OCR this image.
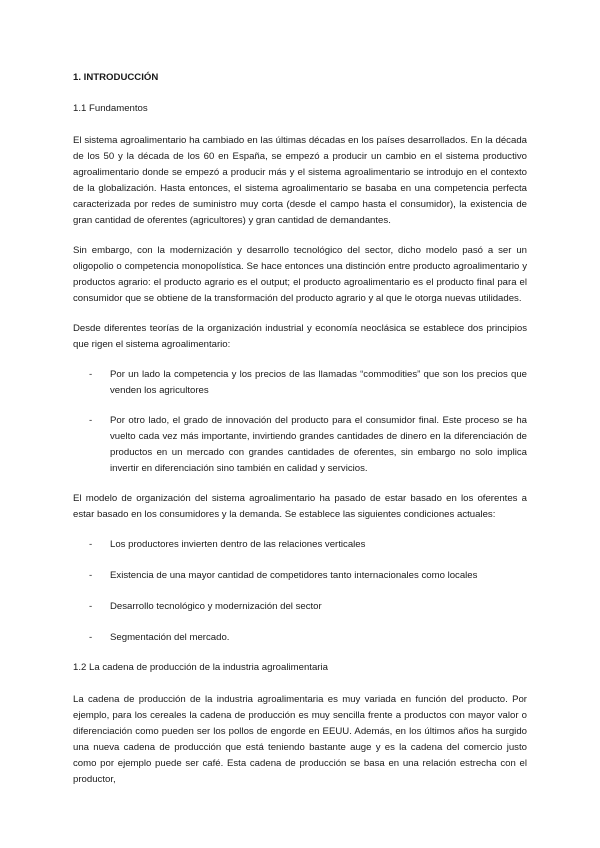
1. INTRODUCCIÓN
1.1 Fundamentos

El sistema agroalimentario ha cambiado en las últimas décadas en los países desarrollados. En la década de los 50 y la década de los 60 en España, se empezó a producir un cambio en el sistema productivo agroalimentario donde se empezó a producir más y el sistema agroalimentario se introdujo en el contexto de la globalización. Hasta entonces, el sistema agroalimentario se basaba en una competencia perfecta caracterizada por redes de suministro muy corta (desde el campo hasta el consumidor), la existencia de gran cantidad de oferentes (agricultores) y gran cantidad de demandantes.

Sin embargo, con la modernización y desarrollo tecnológico del sector, dicho modelo pasó a ser un oligopolio o competencia monopolística. Se hace entonces una distinción entre producto agroalimentario y productos agrario: el producto agrario es el output; el producto agroalimentario es el producto final para el consumidor que se obtiene de la transformación del producto agrario y al que le otorga nuevas utilidades.

Desde diferentes teorías de la organización industrial y economía neoclásica se establece dos principios que rigen el sistema agroalimentario:

- Por un lado la competencia y los precios de las llamadas “commodities” que son los precios que venden los agricultores
- Por otro lado, el grado de innovación del producto para el consumidor final. Este proceso se ha vuelto cada vez más importante, invirtiendo grandes cantidades de dinero en la diferenciación de productos en un mercado con grandes cantidades de oferentes, sin embargo no solo implica invertir en diferenciación sino también en calidad y servicios.

El modelo de organización del sistema agroalimentario ha pasado de estar basado en los oferentes a estar basado en los consumidores y la demanda. Se establece las siguientes condiciones actuales:

- Los productores invierten dentro de las relaciones verticales
- Existencia de una mayor cantidad de competidores tanto internacionales como locales
- Desarrollo tecnológico y modernización del sector
- Segmentación del mercado.
1.2 La cadena de producción de la industria agroalimentaria

La cadena de producción de la industria agroalimentaria es muy variada en función del producto. Por ejemplo, para los cereales la cadena de producción es muy sencilla frente a productos con mayor valor o diferenciación como pueden ser los pollos de engorde en EEUU. Además, en los últimos años ha surgido una nueva cadena de producción que está teniendo bastante auge y es la cadena del comercio justo como por ejemplo puede ser café. Esta cadena de producción se basa en una relación estrecha con el productor,
